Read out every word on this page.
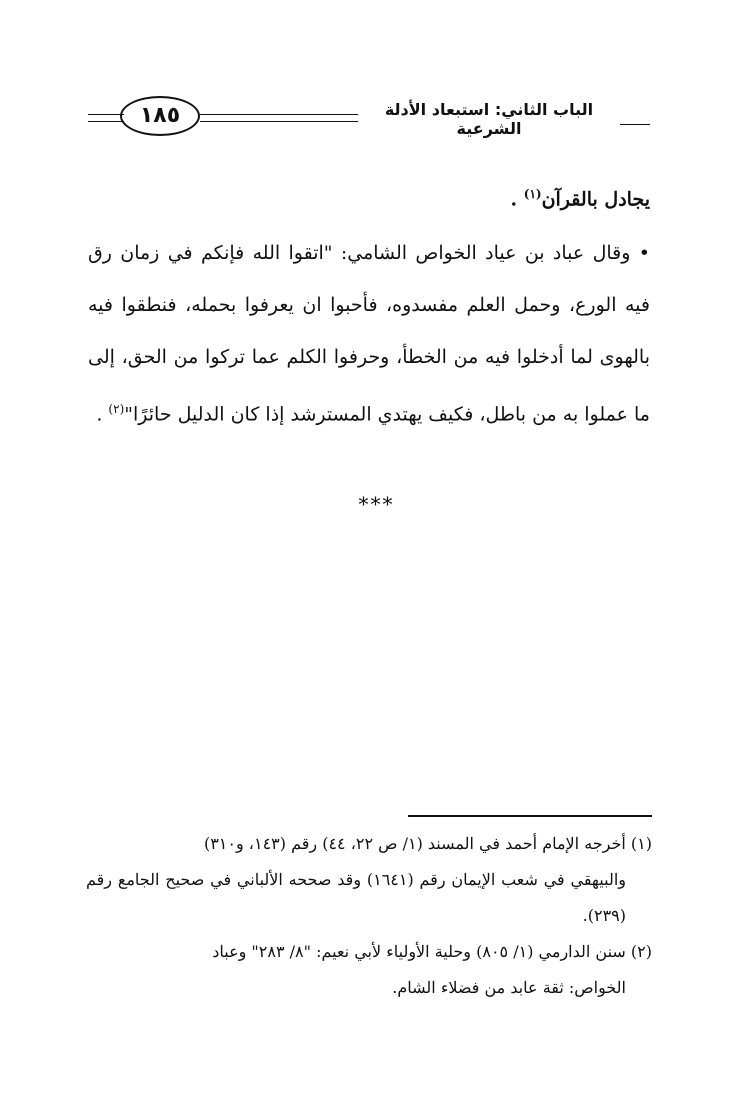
١٨٥	الباب الثاني: استبعاد الأدلة الشرعية

يجادل بالقرآن$^{(١)}$ .

• وقال عباد بن عياد الخواص الشامي: "اتقوا الله فإنكم في زمان رق فيه الورع، وحمل العلم مفسدوه، فأحبوا ان يعرفوا بحمله، فنطقوا فيه بالهوى لما أدخلوا فيه من الخطأ، وحرفوا الكلم عما تركوا من الحق، إلى ما عملوا به من باطل، فكيف يهتدي المسترشد إذا كان الدليل حائرًا"$^{(٢)}$ .

***

(١) أخرجه الإمام أحمد في المسند (١/ ص ٢٢، ٤٤) رقم (١٤٣، و٣١٠)

والبيهقي في شعب الإيمان رقم (١٦٤١) وقد صححه الألباني في صحيح الجامع رقم (٢٣٩).

(٢) سنن الدارمي (١/ ٨٠٥) وحلية الأولياء لأبي نعيم: "٨/ ٢٨٣" وعباد

الخواص: ثقة عابد من فضلاء الشام.
